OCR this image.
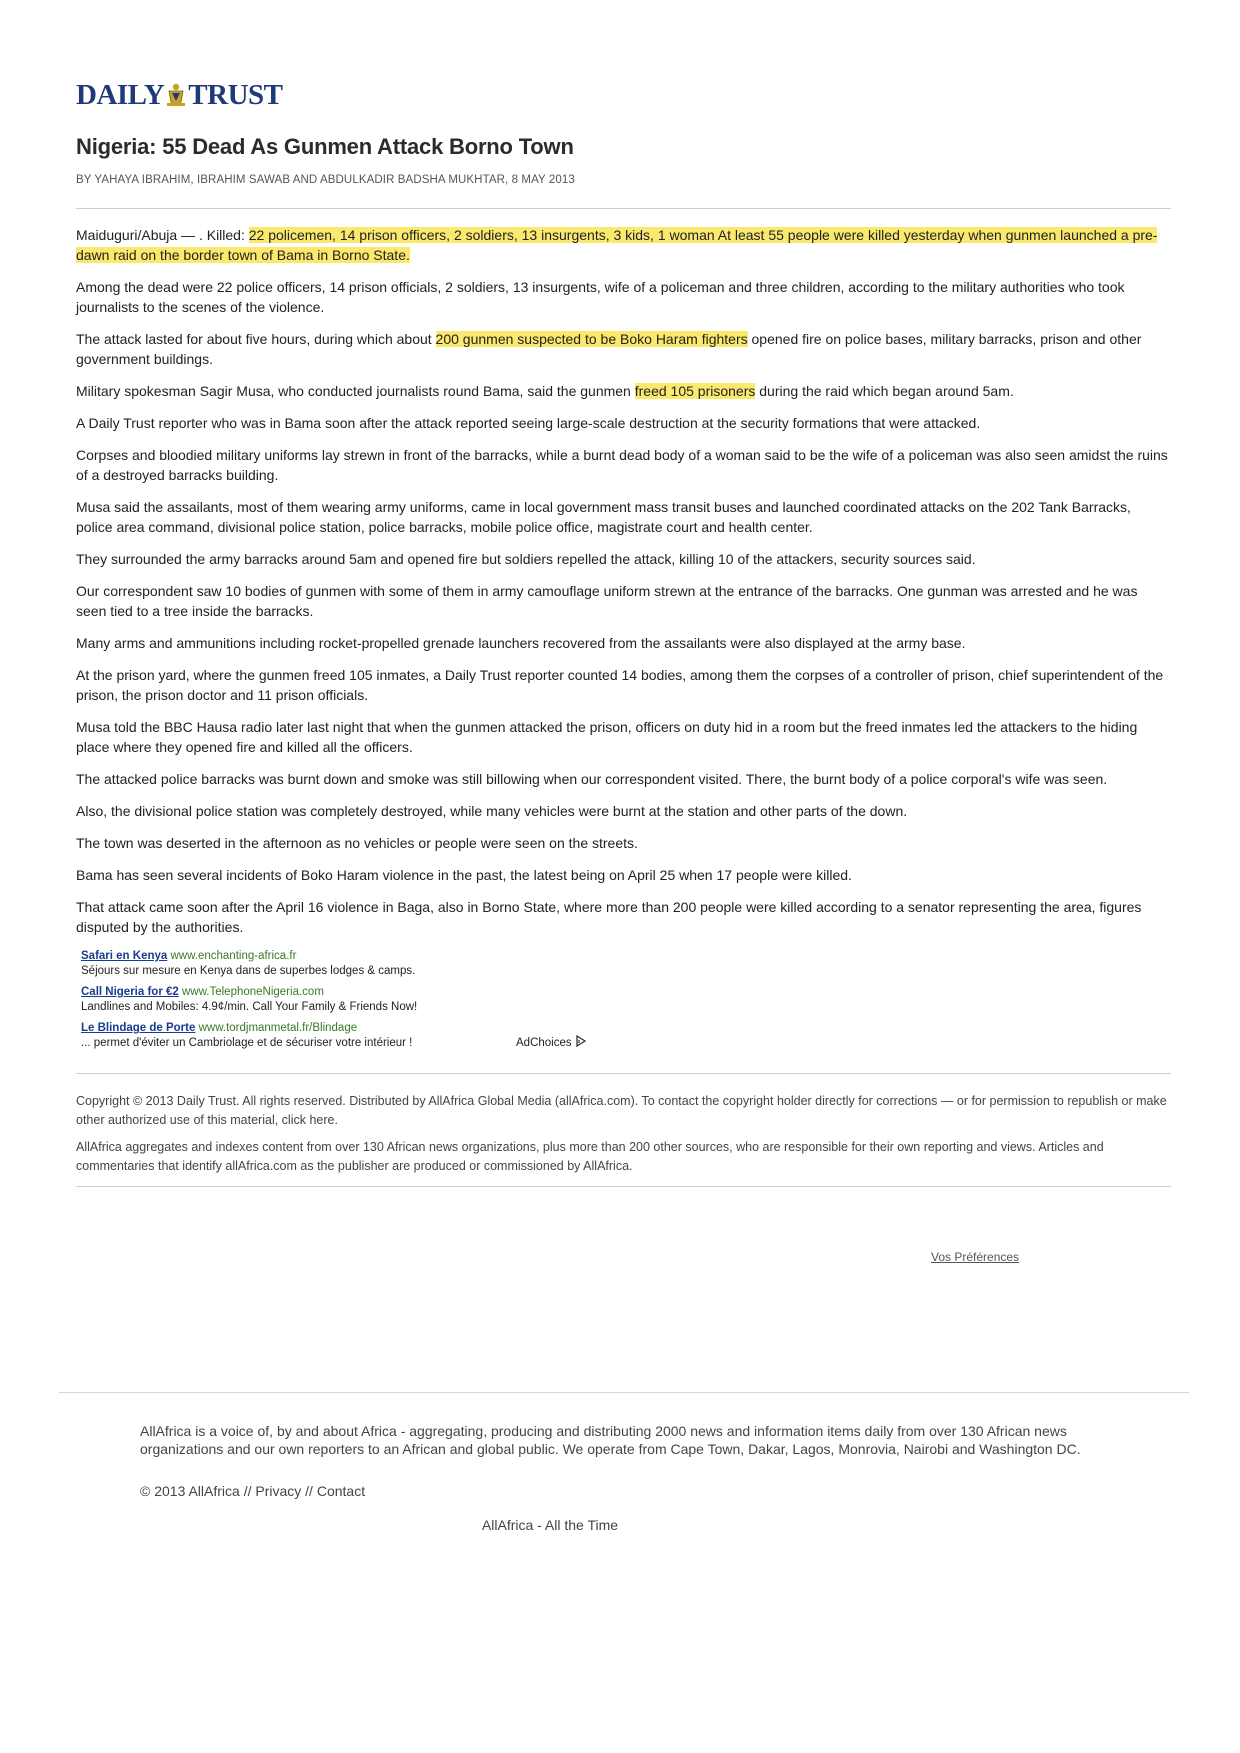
DAILY TRUST
Nigeria: 55 Dead As Gunmen Attack Borno Town
BY YAHAYA IBRAHIM, IBRAHIM SAWAB AND ABDULKADIR BADSHA MUKHTAR, 8 MAY 2013

Maiduguri/Abuja — . Killed: 22 policemen, 14 prison officers, 2 soldiers, 13 insurgents, 3 kids, 1 woman At least 55 people were killed yesterday when gunmen launched a pre-dawn raid on the border town of Bama in Borno State.

Among the dead were 22 police officers, 14 prison officials, 2 soldiers, 13 insurgents, wife of a policeman and three children, according to the military authorities who took journalists to the scenes of the violence.

The attack lasted for about five hours, during which about 200 gunmen suspected to be Boko Haram fighters opened fire on police bases, military barracks, prison and other government buildings.

Military spokesman Sagir Musa, who conducted journalists round Bama, said the gunmen freed 105 prisoners during the raid which began around 5am.

A Daily Trust reporter who was in Bama soon after the attack reported seeing large-scale destruction at the security formations that were attacked.

Corpses and bloodied military uniforms lay strewn in front of the barracks, while a burnt dead body of a woman said to be the wife of a policeman was also seen amidst the ruins of a destroyed barracks building.

Musa said the assailants, most of them wearing army uniforms, came in local government mass transit buses and launched coordinated attacks on the 202 Tank Barracks, police area command, divisional police station, police barracks, mobile police office, magistrate court and health center.

They surrounded the army barracks around 5am and opened fire but soldiers repelled the attack, killing 10 of the attackers, security sources said.

Our correspondent saw 10 bodies of gunmen with some of them in army camouflage uniform strewn at the entrance of the barracks. One gunman was arrested and he was seen tied to a tree inside the barracks.

Many arms and ammunitions including rocket-propelled grenade launchers recovered from the assailants were also displayed at the army base.

At the prison yard, where the gunmen freed 105 inmates, a Daily Trust reporter counted 14 bodies, among them the corpses of a controller of prison, chief superintendent of the prison, the prison doctor and 11 prison officials.

Musa told the BBC Hausa radio later last night that when the gunmen attacked the prison, officers on duty hid in a room but the freed inmates led the attackers to the hiding place where they opened fire and killed all the officers.

The attacked police barracks was burnt down and smoke was still billowing when our correspondent visited. There, the burnt body of a police corporal's wife was seen.

Also, the divisional police station was completely destroyed, while many vehicles were burnt at the station and other parts of the down.

The town was deserted in the afternoon as no vehicles or people were seen on the streets.

Bama has seen several incidents of Boko Haram violence in the past, the latest being on April 25 when 17 people were killed.

That attack came soon after the April 16 violence in Baga, also in Borno State, where more than 200 people were killed according to a senator representing the area, figures disputed by the authorities.

Safari en Kenya www.enchanting-africa.fr
Séjours sur mesure en Kenya dans de superbes lodges & camps.
Call Nigeria for €2 www.TelephoneNigeria.com
Landlines and Mobiles: 4.9¢/min. Call Your Family & Friends Now!
Le Blindage de Porte www.tordjmanmetal.fr/Blindage
... permet d'éviter un Cambriolage et de sécuriser votre intérieur !	AdChoices

Copyright © 2013 Daily Trust. All rights reserved. Distributed by AllAfrica Global Media (allAfrica.com). To contact the copyright holder directly for corrections — or for permission to republish or make other authorized use of this material, click here.

AllAfrica aggregates and indexes content from over 130 African news organizations, plus more than 200 other sources, who are responsible for their own reporting and views. Articles and commentaries that identify allAfrica.com as the publisher are produced or commissioned by AllAfrica.

Vos Préférences

AllAfrica is a voice of, by and about Africa - aggregating, producing and distributing 2000 news and information items daily from over 130 African news organizations and our own reporters to an African and global public. We operate from Cape Town, Dakar, Lagos, Monrovia, Nairobi and Washington DC.

© 2013 AllAfrica // Privacy // Contact
AllAfrica - All the Time
